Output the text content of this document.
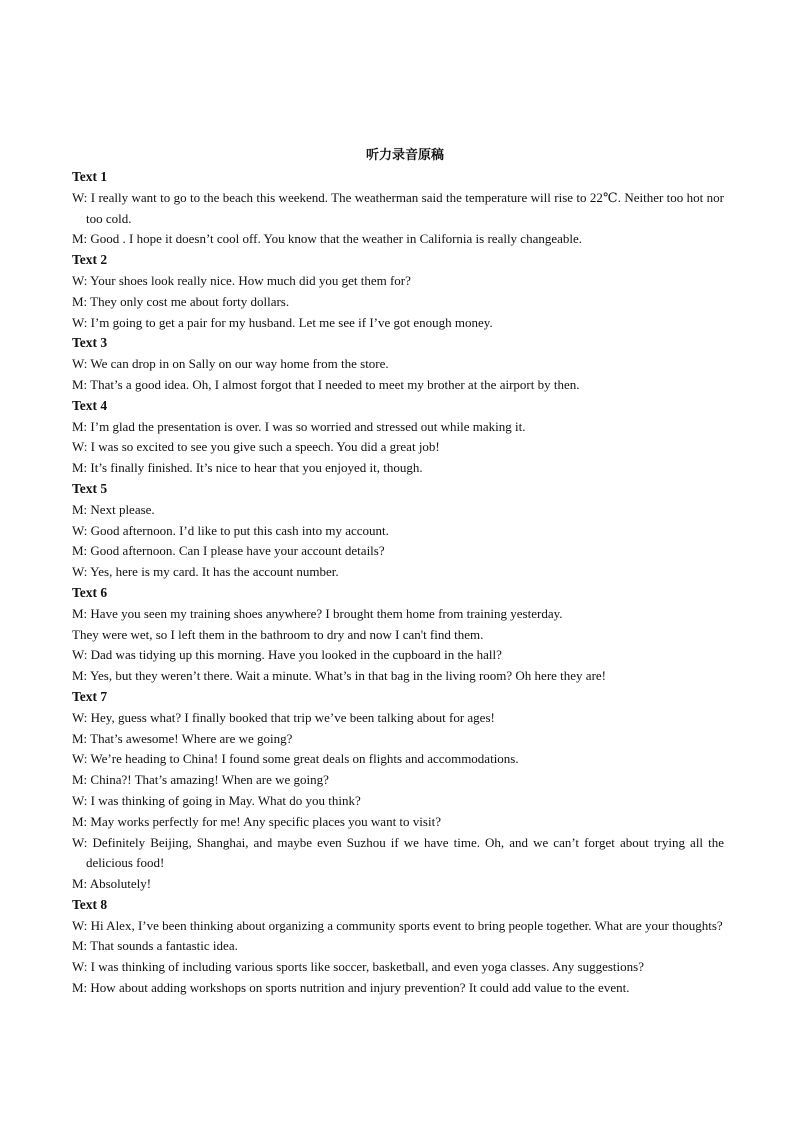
听力录音原稿
Text 1
W: I really want to go to the beach this weekend. The weatherman said the temperature will rise to 22℃. Neither too hot nor too cold.
M: Good . I hope it doesn’t cool off. You know that the weather in California is really changeable.
Text 2
W: Your shoes look really nice. How much did you get them for?
M: They only cost me about forty dollars.
W: I’m going to get a pair for my husband. Let me see if I’ve got enough money.
Text 3
W: We can drop in on Sally on our way home from the store.
M: That’s a good idea. Oh, I almost forgot that I needed to meet my brother at the airport by then.
Text 4
M: I’m glad the presentation is over. I was so worried and stressed out while making it.
W: I was so excited to see you give such a speech. You did a great job!
M: It’s finally finished. It’s nice to hear that you enjoyed it, though.
Text 5
M: Next please.
W: Good afternoon. I’d like to put this cash into my account.
M: Good afternoon. Can I please have your account details?
W: Yes, here is my card. It has the account number.
Text 6
M: Have you seen my training shoes anywhere? I brought them home from training yesterday.
They were wet, so I left them in the bathroom to dry and now I can't find them.
W: Dad was tidying up this morning. Have you looked in the cupboard in the hall?
M: Yes, but they weren’t there. Wait a minute. What’s in that bag in the living room? Oh here they are!
Text 7
W: Hey, guess what? I finally booked that trip we’ve been talking about for ages!
M: That’s awesome! Where are we going?
W: We’re heading to China! I found some great deals on flights and accommodations.
M: China?! That’s amazing! When are we going?
W: I was thinking of going in May. What do you think?
M: May works perfectly for me! Any specific places you want to visit?
W: Definitely Beijing, Shanghai, and maybe even Suzhou if we have time. Oh, and we can’t forget about trying all the delicious food!
M: Absolutely!
Text 8
W: Hi Alex, I’ve been thinking about organizing a community sports event to bring people together. What are your thoughts?
M: That sounds a fantastic idea.
W: I was thinking of including various sports like soccer, basketball, and even yoga classes. Any suggestions?
M: How about adding workshops on sports nutrition and injury prevention? It could add value to the event.
